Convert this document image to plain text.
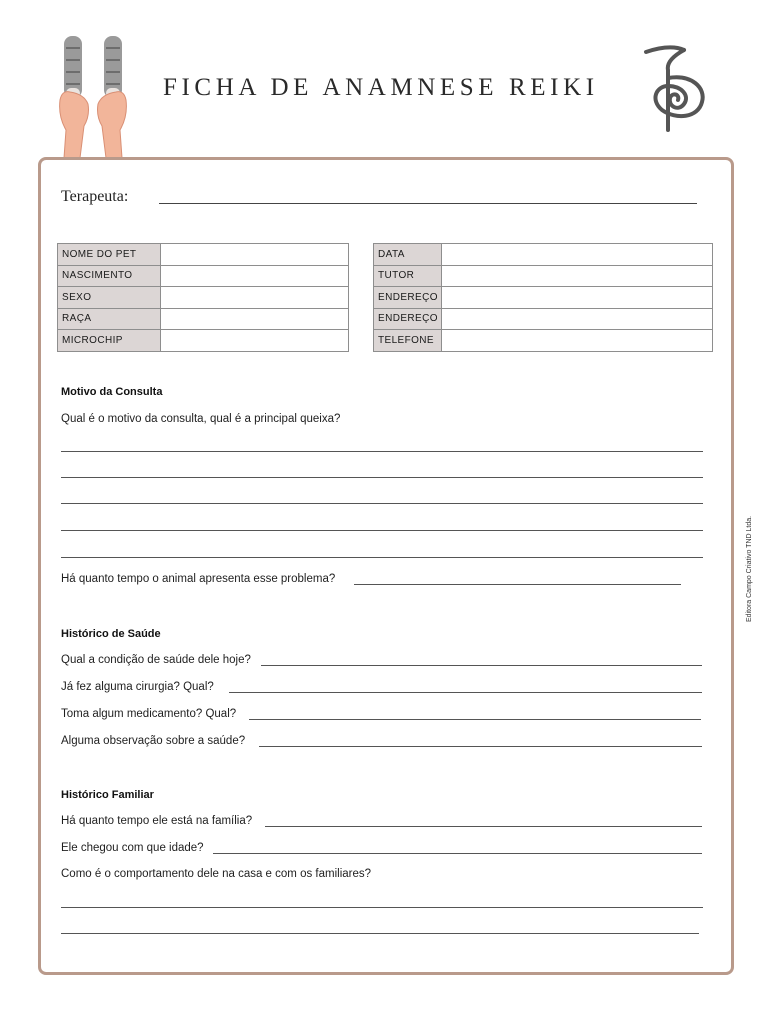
FICHA DE ANAMNESE REIKI
Terapeuta:
NOME DO PET	
NASCIMENTO	
SEXO	
RAÇA	
MICROCHIP	
DATA	
TUTOR	
ENDEREÇO	
ENDEREÇO	
TELEFONE	
Motivo da Consulta
Qual é o motivo da consulta, qual é a principal queixa?
Há quanto tempo o animal apresenta esse problema?
Histórico de Saúde
Qual a condição de saúde dele hoje?
Já fez alguma cirurgia? Qual?
Toma algum medicamento? Qual?
Alguma observação sobre a saúde?
Histórico Familiar
Há quanto tempo ele está na família?
Ele chegou com que idade?
Como é o comportamento dele na casa e com os familiares?
Editora Campo Criativo TND Ltda.
